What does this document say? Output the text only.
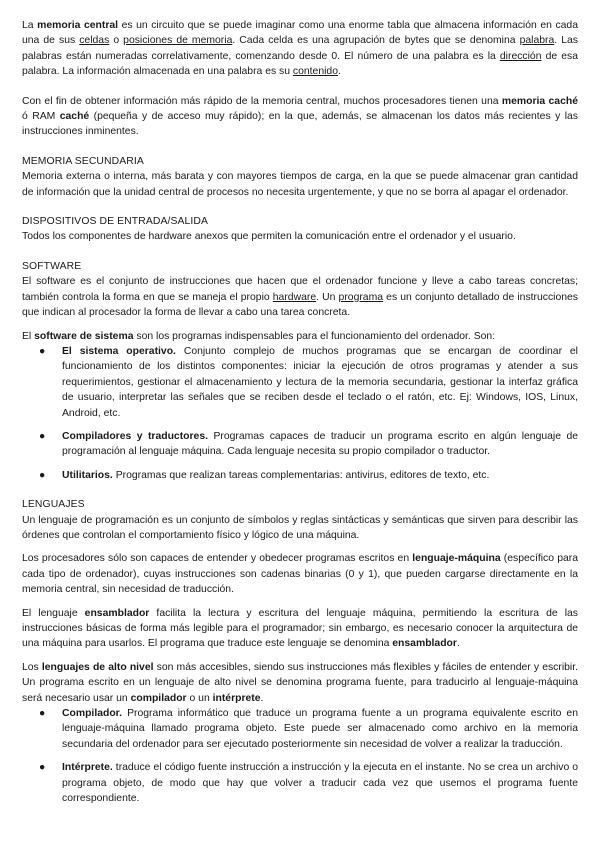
La memoria central es un circuito que se puede imaginar como una enorme tabla que almacena información en cada una de sus celdas o posiciones de memoria. Cada celda es una agrupación de bytes que se denomina palabra. Las palabras están numeradas correlativamente, comenzando desde 0. El número de una palabra es la dirección de esa palabra. La información almacenada en una palabra es su contenido.

Con el fin de obtener información más rápido de la memoria central, muchos procesadores tienen una memoria caché ó RAM caché (pequeña y de acceso muy rápido); en la que, además, se almacenan los datos más recientes y las instrucciones inminentes.

MEMORIA SECUNDARIA

Memoria externa o interna, más barata y con mayores tiempos de carga, en la que se puede almacenar gran cantidad de información que la unidad central de procesos no necesita urgentemente, y que no se borra al apagar el ordenador.

DISPOSITIVOS DE ENTRADA/SALIDA

Todos los componentes de hardware anexos que permiten la comunicación entre el ordenador y el usuario.

SOFTWARE

El software es el conjunto de instrucciones que hacen que el ordenador funcione y lleve a cabo tareas concretas; también controla la forma en que se maneja el propio hardware. Un programa es un conjunto detallado de instrucciones que indican al procesador la forma de llevar a cabo una tarea concreta.

El software de sistema son los programas indispensables para el funcionamiento del ordenador. Son:

● El sistema operativo. Conjunto complejo de muchos programas que se encargan de coordinar el funcionamiento de los distintos componentes: iniciar la ejecución de otros programas y atender a sus requerimientos, gestionar el almacenamiento y lectura de la memoria secundaria, gestionar la interfaz gráfica de usuario, interpretar las señales que se reciben desde el teclado o el ratón, etc. Ej: Windows, IOS, Linux, Android, etc.
● Compiladores y traductores. Programas capaces de traducir un programa escrito en algún lenguaje de programación al lenguaje máquina. Cada lenguaje necesita su propio compilador o traductor.
● Utilitarios. Programas que realizan tareas complementarias: antivirus, editores de texto, etc.

LENGUAJES

Un lenguaje de programación es un conjunto de símbolos y reglas sintácticas y semánticas que sirven para describir las órdenes que controlan el comportamiento físico y lógico de una máquina.

Los procesadores sólo son capaces de entender y obedecer programas escritos en lenguaje-máquina (específico para cada tipo de ordenador), cuyas instrucciones son cadenas binarias (0 y 1), que pueden cargarse directamente en la memoria central, sin necesidad de traducción.

El lenguaje ensamblador facilita la lectura y escritura del lenguaje máquina, permitiendo la escritura de las instrucciones básicas de forma más legible para el programador; sin embargo, es necesario conocer la arquitectura de una máquina para usarlos. El programa que traduce este lenguaje se denomina ensamblador.

Los lenguajes de alto nivel son más accesibles, siendo sus instrucciones más flexibles y fáciles de entender y escribir. Un programa escrito en un lenguaje de alto nivel se denomina programa fuente, para traducirlo al lenguaje-máquina será necesario usar un compilador o un intérprete.

● Compilador. Programa informático que traduce un programa fuente a un programa equivalente escrito en lenguaje-máquina llamado programa objeto. Este puede ser almacenado como archivo en la memoria secundaria del ordenador para ser ejecutado posteriormente sin necesidad de volver a realizar la traducción.
● Intérprete. traduce el código fuente instrucción a instrucción y la ejecuta en el instante. No se crea un archivo o programa objeto, de modo que hay que volver a traducir cada vez que usemos el programa fuente correspondiente.
